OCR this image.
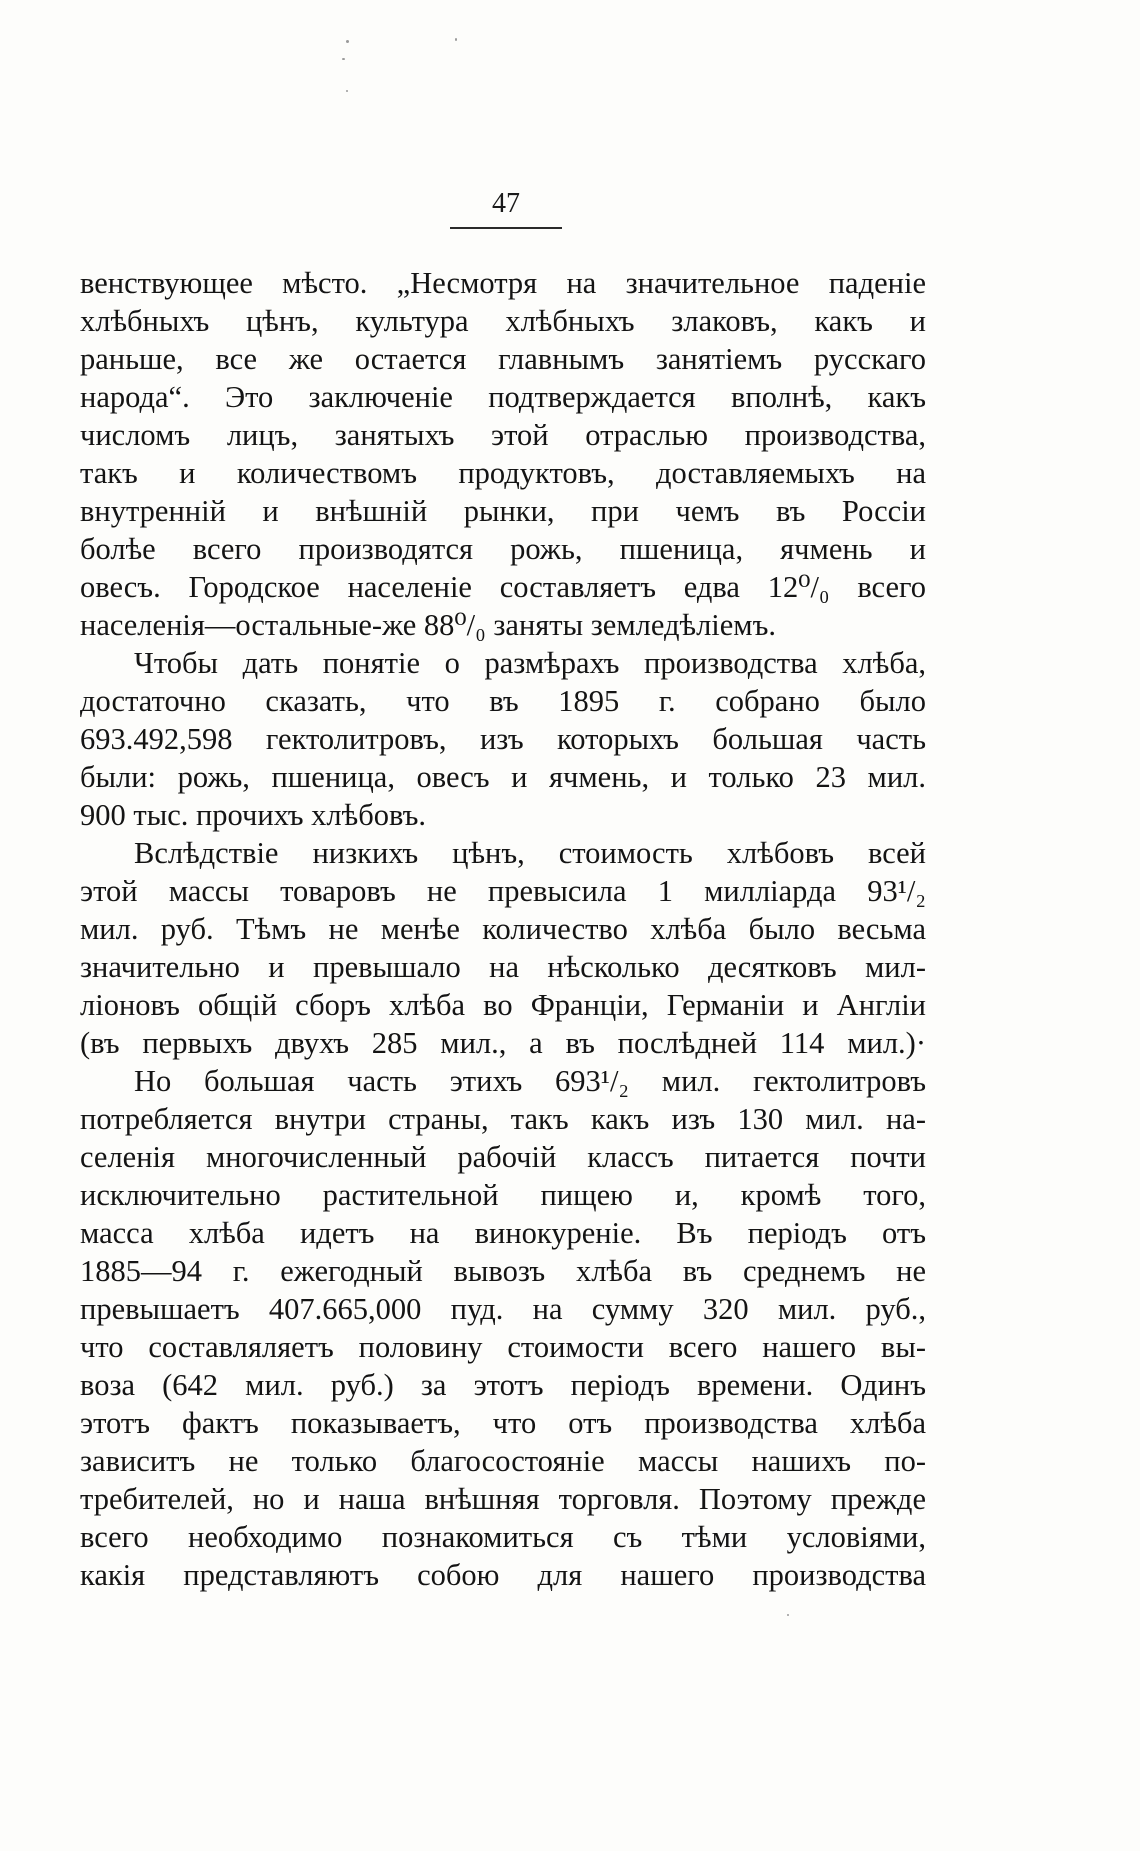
47
венствующее мѣсто. „Несмотря на значительное паденіе
хлѣбныхъ цѣнъ, культура хлѣбныхъ злаковъ, какъ и
раньше, все же остается главнымъ занятіемъ русскаго
народа“. Это заключеніе подтверждается вполнѣ, какъ
числомъ лицъ, занятыхъ этой отраслью производства,
такъ и количествомъ продуктовъ, доставляемыхъ на
внутренній и внѣшній рынки, при чемъ въ Россіи
болѣе всего производятся рожь, пшеница, ячмень и
овесъ. Городское населеніе составляетъ едва 12⁰/₀ всего
населенія—остальные-же 88⁰/₀ заняты земледѣліемъ.
Чтобы дать понятіе о размѣрахъ производства хлѣба,
достаточно сказать, что въ 1895 г. собрано было
693.492,598 гектолитровъ, изъ которыхъ большая часть
были: рожь, пшеница, овесъ и ячмень, и только 23 мил.
900 тыс. прочихъ хлѣбовъ.
Вслѣдствіе низкихъ цѣнъ, стоимость хлѣбовъ всей
этой массы товаровъ не превысила 1 милліарда 93¹/₂
мил. руб. Тѣмъ не менѣе количество хлѣба было весьма
значительно и превышало на нѣсколько десятковъ мил-
ліоновъ общій сборъ хлѣба во Франціи, Германіи и Англіи
(въ первыхъ двухъ 285 мил., а въ послѣдней 114 мил.)·
Но большая часть этихъ 693¹/₂ мил. гектолитровъ
потребляется внутри страны, такъ какъ изъ 130 мил. на-
селенія многочисленный рабочій классъ питается почти
исключительно растительной пищею и, кромѣ того,
масса хлѣба идетъ на винокуреніе. Въ періодъ отъ
1885—94 г. ежегодный вывозъ хлѣба въ среднемъ не
превышаетъ 407.665,000 пуд. на сумму 320 мил. руб.,
что составляляетъ половину стоимости всего нашего вы-
воза (642 мил. руб.) за этотъ періодъ времени. Одинъ
этотъ фактъ показываетъ, что отъ производства хлѣба
зависитъ не только благосостояніе массы нашихъ по-
требителей, но и наша внѣшняя торговля. Поэтому прежде
всего необходимо познакомиться съ тѣми условіями,
какія представляютъ собою для нашего производства
